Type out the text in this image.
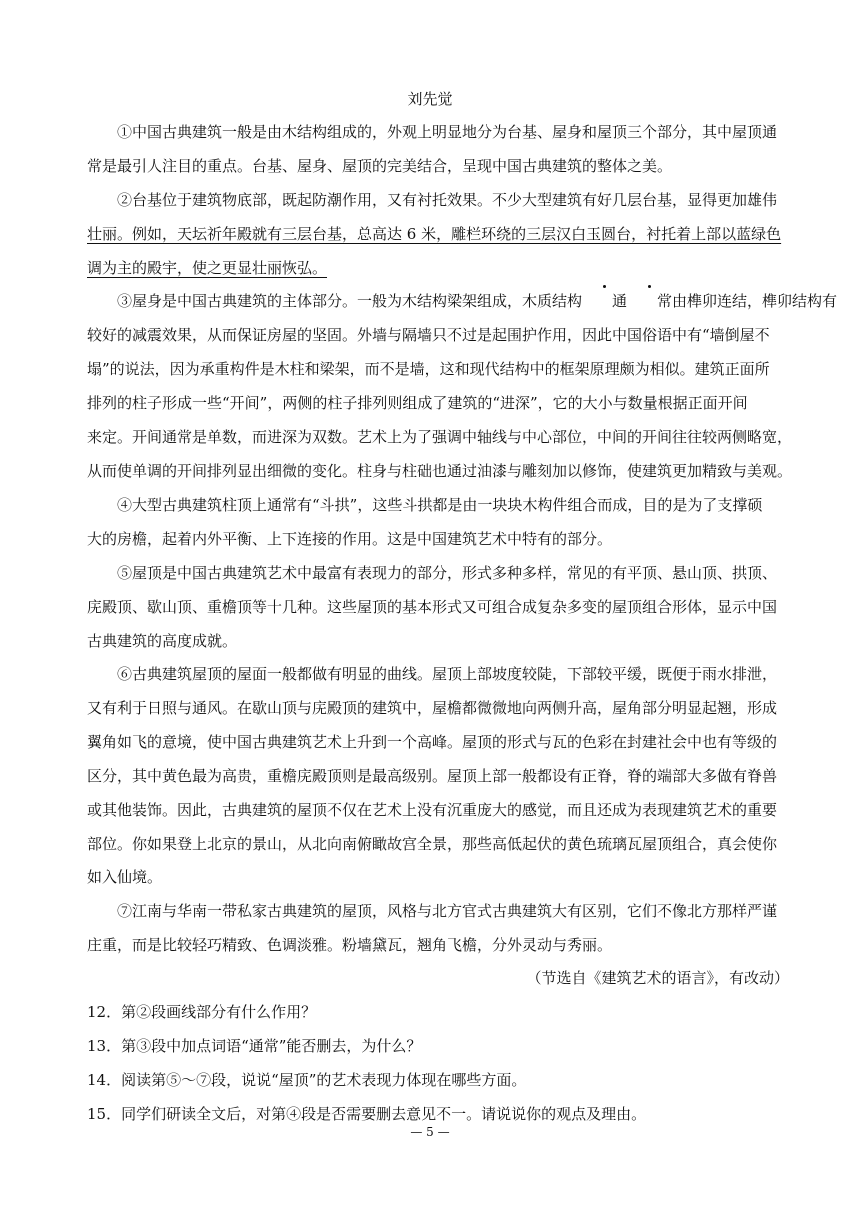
刘先觉
①中国古典建筑一般是由木结构组成的，外观上明显地分为台基、屋身和屋顶三个部分，其中屋顶通
常是最引人注目的重点。台基、屋身、屋顶的完美结合，呈现中国古典建筑的整体之美。
②台基位于建筑物底部，既起防潮作用，又有衬托效果。不少大型建筑有好几层台基，显得更加雄伟
壮丽。例如，天坛祈年殿就有三层台基，总高达 6 米，雕栏环绕的三层汉白玉圆台，衬托着上部以蓝绿色
调为主的殿宇，使之更显壮丽恢弘。
③屋身是中国古典建筑的主体部分。一般为木结构梁架组成，木质结构 通 常由榫卯连结，榫卯结构有
较好的减震效果，从而保证房屋的坚固。外墙与隔墙只不过是起围护作用，因此中国俗语中有“墙倒屋不
塌”的说法，因为承重构件是木柱和梁架，而不是墙，这和现代结构中的框架原理颇为相似。建筑正面所
排列的柱子形成一些“开间”，两侧的柱子排列则组成了建筑的“进深”，它的大小与数量根据正面开间
来定。开间通常是单数，而进深为双数。艺术上为了强调中轴线与中心部位，中间的开间往往较两侧略宽，
从而使单调的开间排列显出细微的变化。柱身与柱础也通过油漆与雕刻加以修饰，使建筑更加精致与美观。
④大型古典建筑柱顶上通常有“斗拱”，这些斗拱都是由一块块木构件组合而成，目的是为了支撑硕
大的房檐，起着内外平衡、上下连接的作用。这是中国建筑艺术中特有的部分。
⑤屋顶是中国古典建筑艺术中最富有表现力的部分，形式多种多样，常见的有平顶、悬山顶、拱顶、
庑殿顶、歇山顶、重檐顶等十几种。这些屋顶的基本形式又可组合成复杂多变的屋顶组合形体，显示中国
古典建筑的高度成就。
⑥古典建筑屋顶的屋面一般都做有明显的曲线。屋顶上部坡度较陡，下部较平缓，既便于雨水排泄，
又有利于日照与通风。在歇山顶与庑殿顶的建筑中，屋檐都微微地向两侧升高，屋角部分明显起翘，形成
翼角如飞的意境，使中国古典建筑艺术上升到一个高峰。屋顶的形式与瓦的色彩在封建社会中也有等级的
区分，其中黄色最为高贵，重檐庑殿顶则是最高级别。屋顶上部一般都设有正脊，脊的端部大多做有脊兽
或其他装饰。因此，古典建筑的屋顶不仅在艺术上没有沉重庞大的感觉，而且还成为表现建筑艺术的重要
部位。你如果登上北京的景山，从北向南俯瞰故宫全景，那些高低起伏的黄色琉璃瓦屋顶组合，真会使你
如入仙境。
⑦江南与华南一带私家古典建筑的屋顶，风格与北方官式古典建筑大有区别，它们不像北方那样严谨
庄重，而是比较轻巧精致、色调淡雅。粉墙黛瓦，翘角飞檐，分外灵动与秀丽。
（节选自《建筑艺术的语言》，有改动）
12．第②段画线部分有什么作用？
13．第③段中加点词语“通常”能否删去，为什么？
14．阅读第⑤～⑦段，说说“屋顶”的艺术表现力体现在哪些方面。
15．同学们研读全文后，对第④段是否需要删去意见不一。请说说你的观点及理由。
— 5 —
